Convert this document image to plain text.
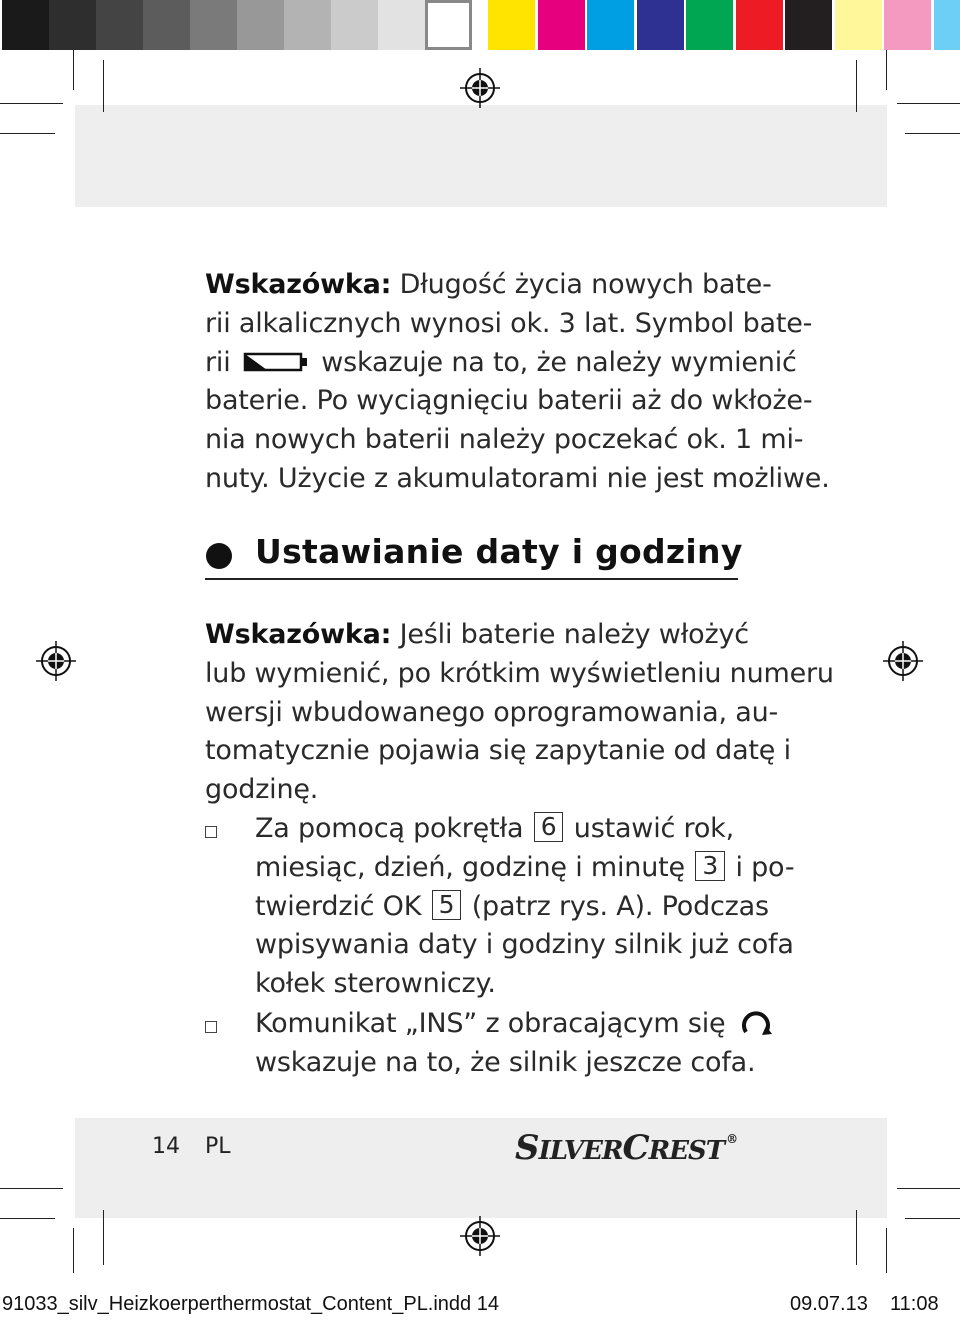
Wskazówka: Długość życia nowych bate-
rii alkalicznych wynosi ok. 3 lat. Symbol bate-
rii	wskazuje na to, że należy wymienić
baterie. Po wyciągnięciu baterii aż do wkłoże-
nia nowych baterii należy poczekać ok. 1 mi-
nuty. Użycie z akumulatorami nie jest możliwe.
Ustawianie daty i godziny
Wskazówka: Jeśli baterie należy włożyć
lub wymienić, po krótkim wyświetleniu numeru
wersji wbudowanego oprogramowania, au-
tomatycznie pojawia się zapytanie od datę i
godzinę.
Za pomocą pokrętła 6 ustawić rok,
miesiąc, dzień, godzinę i minutę 3 i po-
twierdzić OK 5 (patrz rys. A). Podczas
wpisywania daty i godziny silnik już cofa
kołek sterowniczy.
Komunikat „INS” z obracającym się
wskazuje na to, że silnik jeszcze cofa.
14 PL	SILVERCREST ®
91033_silv_Heizkoerperthermostat_Content_PL.indd 14	09.07.13 11:08
